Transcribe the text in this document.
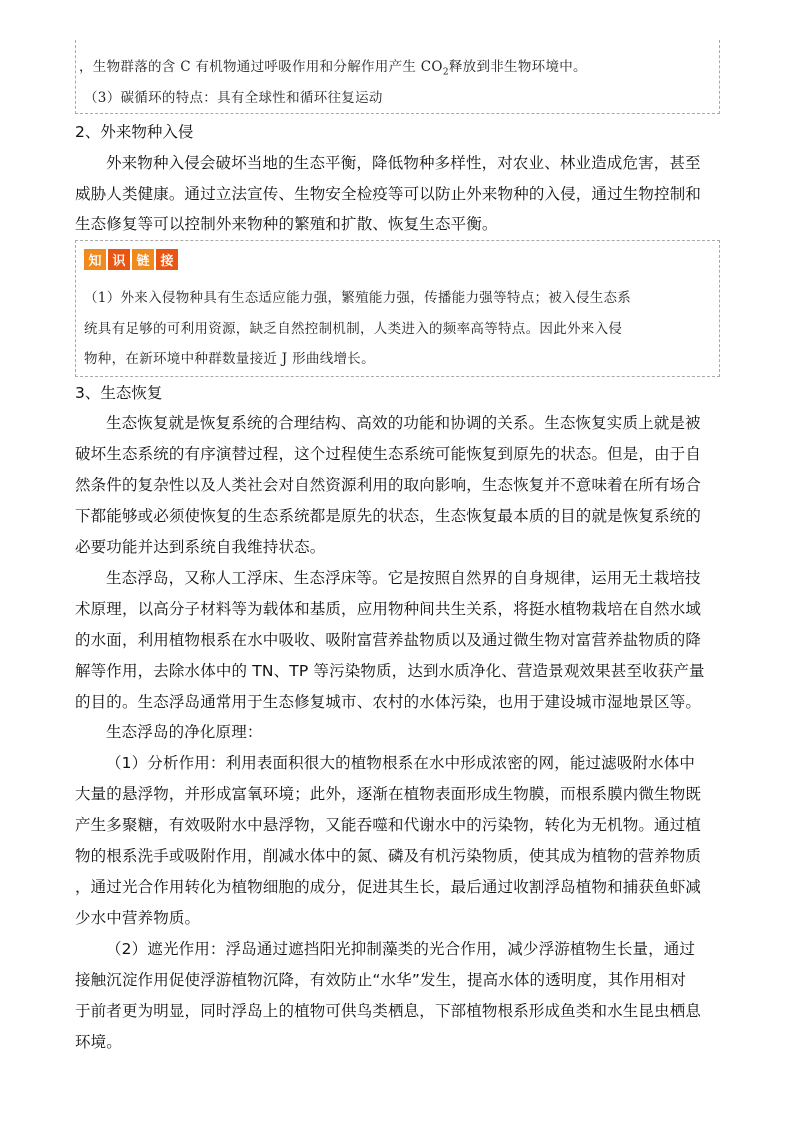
，生物群落的含 C 有机物通过呼吸作用和分解作用产生 $CO_2$释放到非生物环境中。
（3）碳循环的特点：具有全球性和循环往复运动
2、外来物种入侵
外来物种入侵会破坏当地的生态平衡，降低物种多样性，对农业、林业造成危害，甚至
威胁人类健康。通过立法宣传、生物安全检疫等可以防止外来物种的入侵，通过生物控制和
生态修复等可以控制外来物种的繁殖和扩散、恢复生态平衡。
知 识 链 接
（1）外来入侵物种具有生态适应能力强，繁殖能力强，传播能力强等特点；被入侵生态系
统具有足够的可利用资源，缺乏自然控制机制，人类进入的频率高等特点。因此外来入侵
物种，在新环境中种群数量接近 J 形曲线增长。
3、生态恢复
生态恢复就是恢复系统的合理结构、高效的功能和协调的关系。生态恢复实质上就是被
破坏生态系统的有序演替过程，这个过程使生态系统可能恢复到原先的状态。但是，由于自
然条件的复杂性以及人类社会对自然资源利用的取向影响，生态恢复并不意味着在所有场合
下都能够或必须使恢复的生态系统都是原先的状态，生态恢复最本质的目的就是恢复系统的
必要功能并达到系统自我维持状态。
生态浮岛，又称人工浮床、生态浮床等。它是按照自然界的自身规律，运用无土栽培技
术原理，以高分子材料等为载体和基质，应用物种间共生关系，将挺水植物栽培在自然水域
的水面，利用植物根系在水中吸收、吸附富营养盐物质以及通过微生物对富营养盐物质的降
解等作用，去除水体中的 TN、TP 等污染物质，达到水质净化、营造景观效果甚至收获产量
的目的。生态浮岛通常用于生态修复城市、农村的水体污染，也用于建设城市湿地景区等。
生态浮岛的净化原理：
（1）分析作用：利用表面积很大的植物根系在水中形成浓密的网，能过滤吸附水体中
大量的悬浮物，并形成富氧环境；此外，逐渐在植物表面形成生物膜，而根系膜内微生物既
产生多聚糖，有效吸附水中悬浮物，又能吞噬和代谢水中的污染物，转化为无机物。通过植
物的根系洗手或吸附作用，削减水体中的氮、磷及有机污染物质，使其成为植物的营养物质
，通过光合作用转化为植物细胞的成分，促进其生长，最后通过收割浮岛植物和捕获鱼虾减
少水中营养物质。
（2）遮光作用：浮岛通过遮挡阳光抑制藻类的光合作用，减少浮游植物生长量，通过
接触沉淀作用促使浮游植物沉降，有效防止“水华”发生，提高水体的透明度，其作用相对
于前者更为明显，同时浮岛上的植物可供鸟类栖息，下部植物根系形成鱼类和水生昆虫栖息
环境。
